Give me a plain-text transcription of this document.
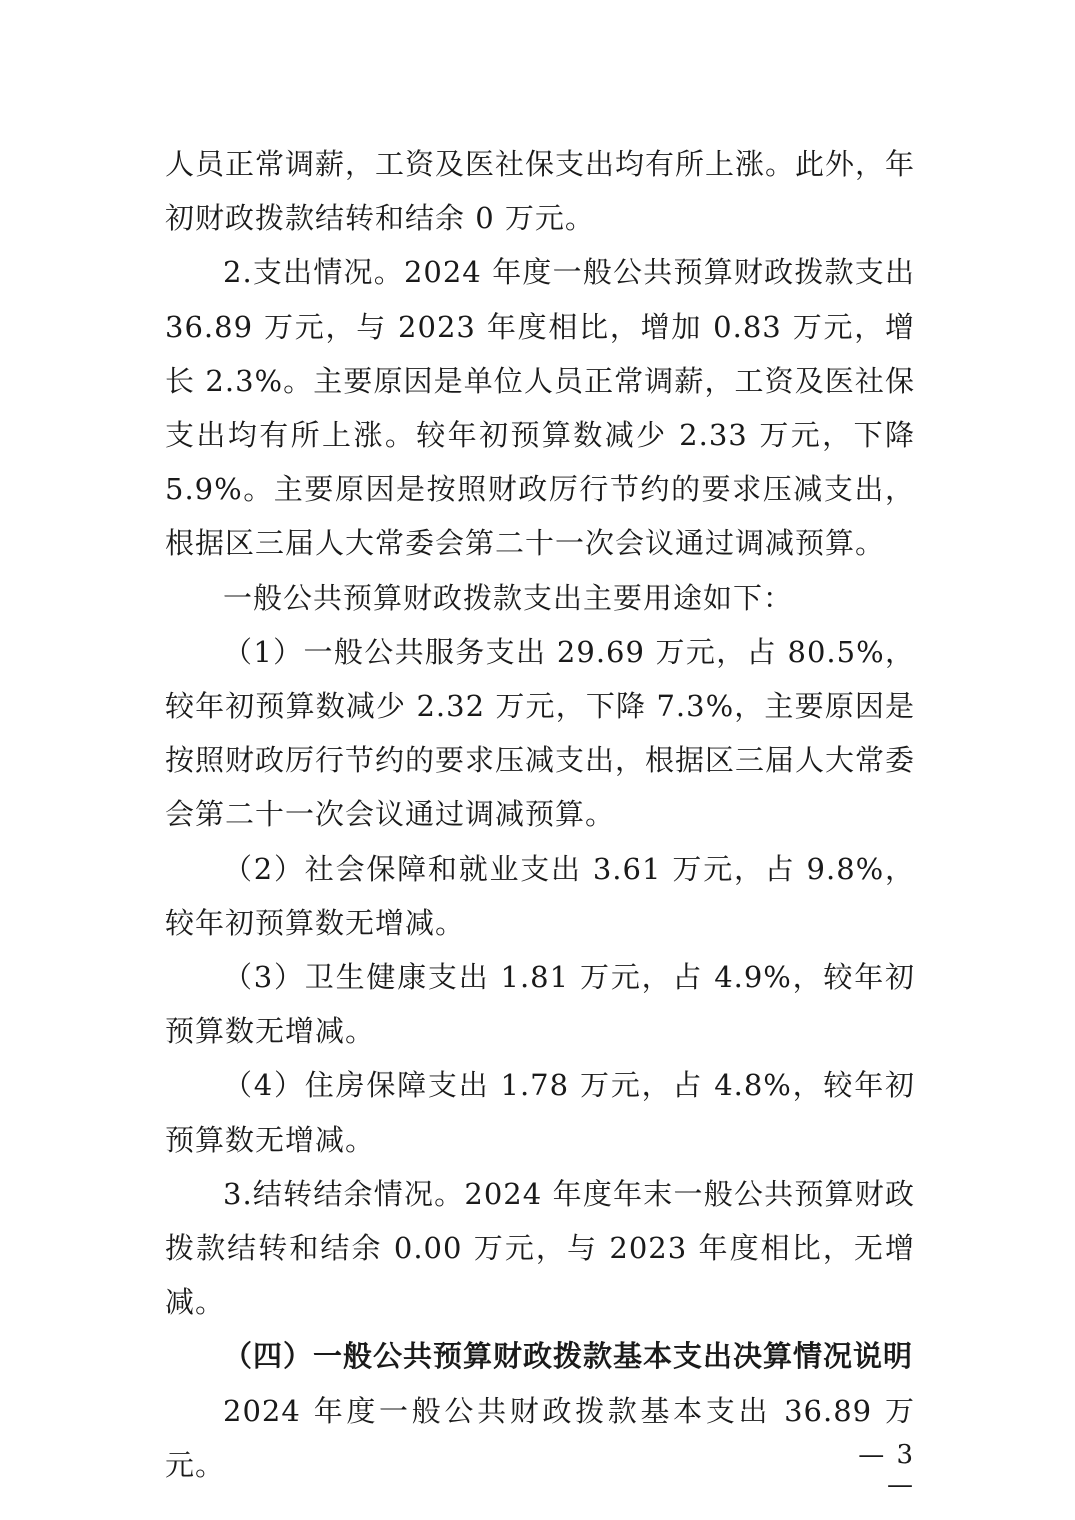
人员正常调薪，工资及医社保支出均有所上涨。此外，年初财政拨款结转和结余 0 万元。

2.支出情况。2024 年度一般公共预算财政拨款支出 36.89 万元，与 2023 年度相比，增加 0.83 万元，增长 2.3%。主要原因是单位人员正常调薪，工资及医社保支出均有所上涨。较年初预算数减少 2.33 万元，下降 5.9%。主要原因是按照财政厉行节约的要求压减支出，根据区三届人大常委会第二十一次会议通过调减预算。

一般公共预算财政拨款支出主要用途如下：

（1）一般公共服务支出 29.69 万元，占 80.5%，较年初预算数减少 2.32 万元，下降 7.3%，主要原因是按照财政厉行节约的要求压减支出，根据区三届人大常委会第二十一次会议通过调减预算。

（2）社会保障和就业支出 3.61 万元，占 9.8%，较年初预算数无增减。

（3）卫生健康支出 1.81 万元，占 4.9%，较年初预算数无增减。

（4）住房保障支出 1.78 万元，占 4.8%，较年初预算数无增减。

3.结转结余情况。2024 年度年末一般公共预算财政拨款结转和结余 0.00 万元，与 2023 年度相比，无增减。

（四）一般公共预算财政拨款基本支出决算情况说明

2024 年度一般公共财政拨款基本支出 36.89 万元。	— 3 —
